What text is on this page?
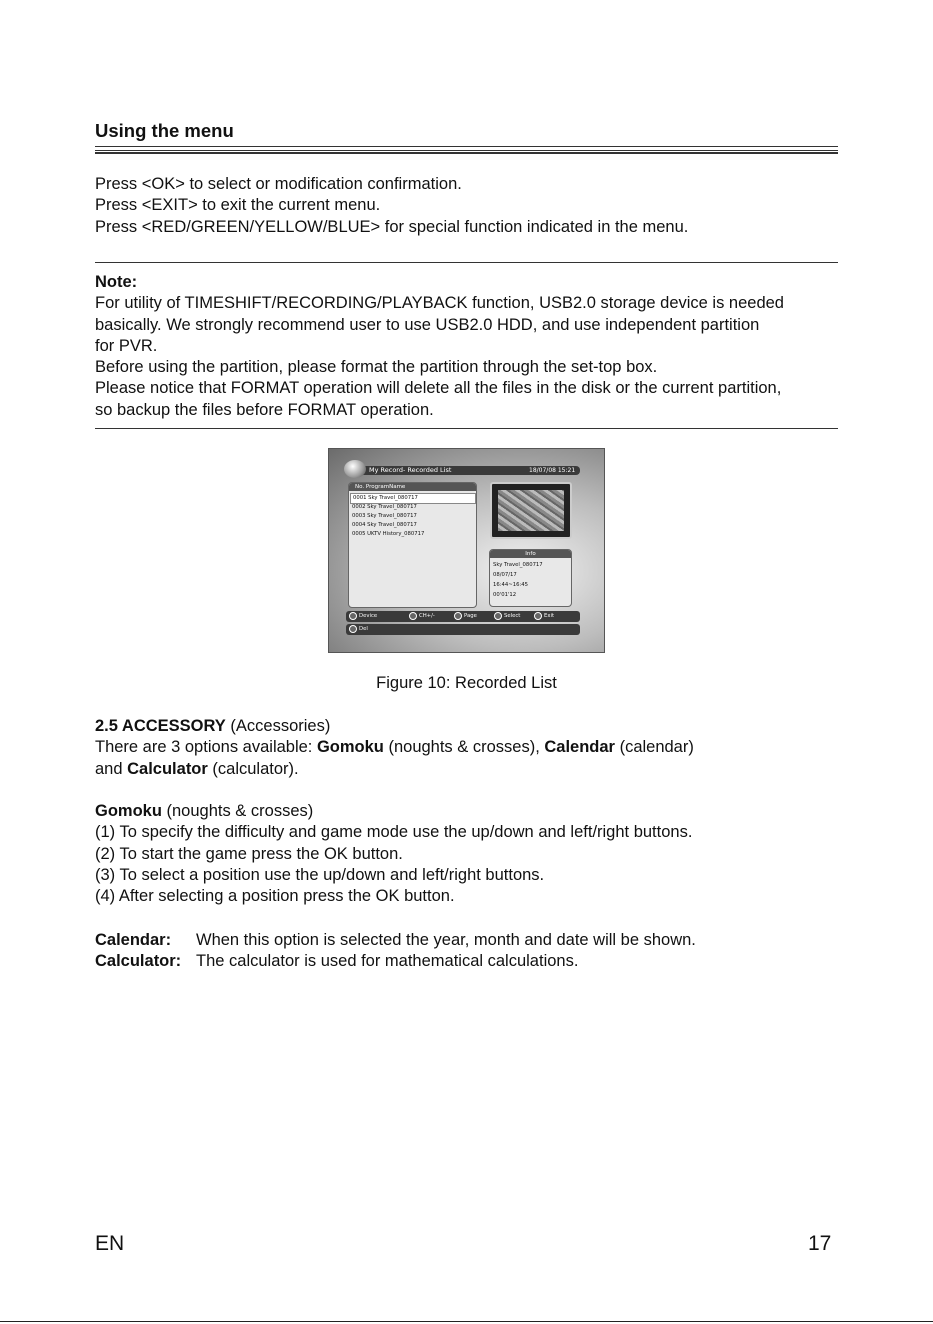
Using the menu
Press <OK> to select or modification confirmation.
Press <EXIT> to exit the current menu.
Press <RED/GREEN/YELLOW/BLUE> for special function indicated in the menu.
Note:
For utility of TIMESHIFT/RECORDING/PLAYBACK function, USB2.0 storage device is needed
basically. We strongly recommend user to use USB2.0 HDD, and use independent partition
for PVR.
Before using the partition, please format the partition through the set-top box.
Please notice that FORMAT operation will delete all the files in the disk or the current partition,
so backup the files before FORMAT operation.
My Record- Recorded List	18/07/08 15:21
No. ProgramName
0001 Sky Travel_080717
0002 Sky Travel_080717
0003 Sky Travel_080717
0004 Sky Travel_080717
0005 UKTV History_080717
Info
Sky Travel_080717
08/07/17
16:44~16:45
00'01'12
Device	CH+/-	Page	Select	Exit
Del
Figure 10: Recorded List
2.5 ACCESSORY (Accessories)
There are 3 options available: Gomoku (noughts & crosses), Calendar (calendar)
and Calculator (calculator).
Gomoku (noughts & crosses)
(1) To specify the difficulty and game mode use the up/down and left/right buttons.
(2) To start the game press the OK button.
(3) To select a position use the up/down and left/right buttons.
(4) After selecting a position press the OK button.
Calendar: When this option is selected the year, month and date will be shown.
Calculator: The calculator is used for mathematical calculations.
EN	17
